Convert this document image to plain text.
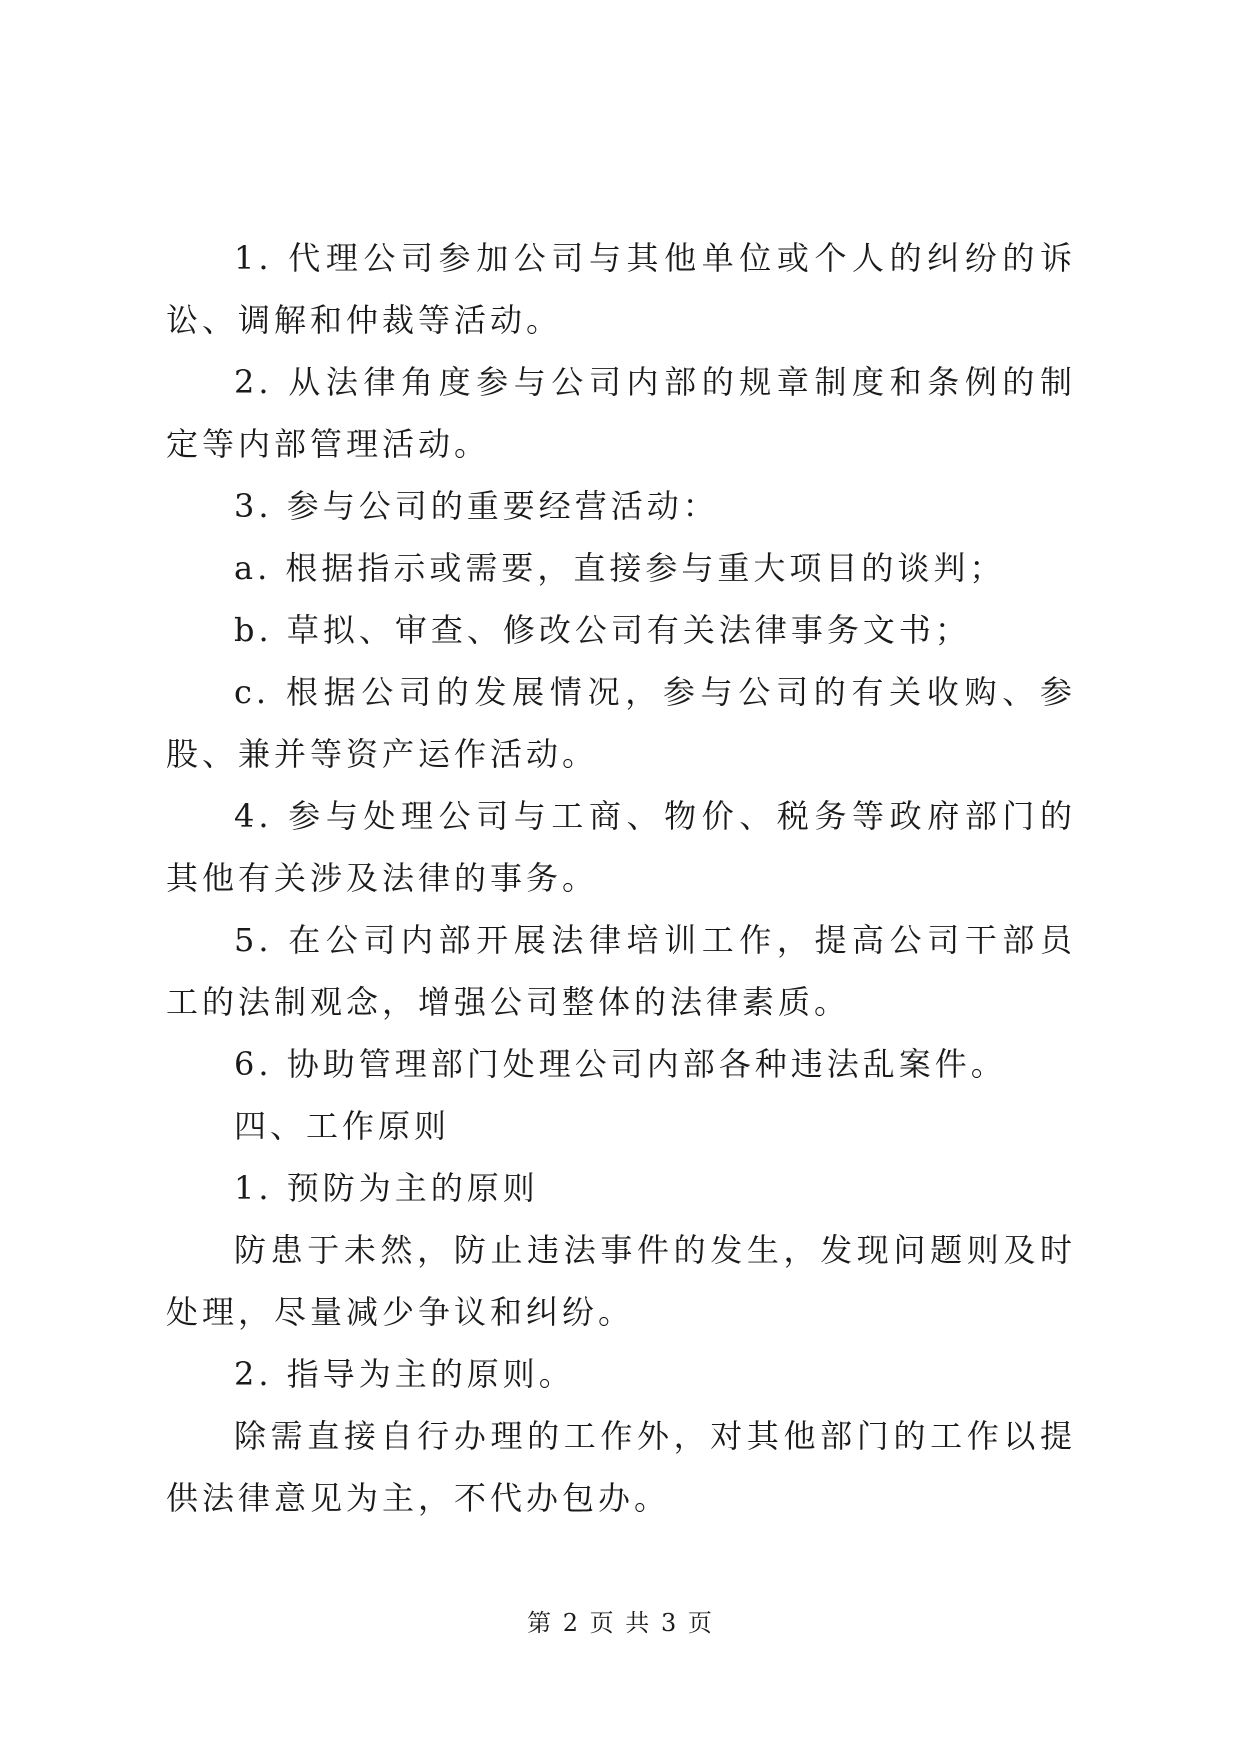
1. 代理公司参加公司与其他单位或个人的纠纷的诉讼、调解和仲裁等活动。

2. 从法律角度参与公司内部的规章制度和条例的制定等内部管理活动。

3. 参与公司的重要经营活动：

a. 根据指示或需要，直接参与重大项目的谈判；

b. 草拟、审查、修改公司有关法律事务文书；

c. 根据公司的发展情况，参与公司的有关收购、参股、兼并等资产运作活动。

4. 参与处理公司与工商、物价、税务等政府部门的其他有关涉及法律的事务。

5. 在公司内部开展法律培训工作，提高公司干部员工的法制观念，增强公司整体的法律素质。

6. 协助管理部门处理公司内部各种违法乱案件。

四、工作原则

1. 预防为主的原则

防患于未然，防止违法事件的发生，发现问题则及时处理，尽量减少争议和纠纷。

2. 指导为主的原则。

除需直接自行办理的工作外，对其他部门的工作以提供法律意见为主，不代办包办。

第 2 页 共 3 页
